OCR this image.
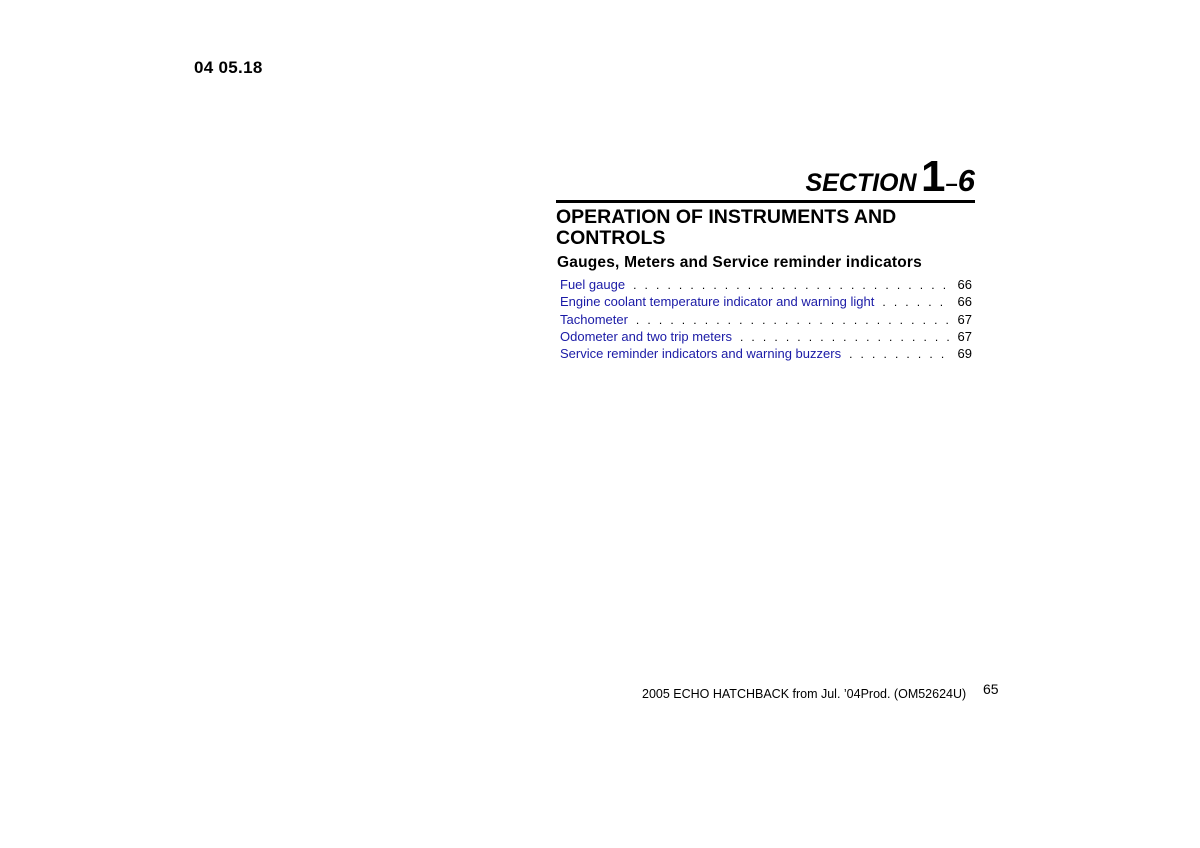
04 05.18
SECTION 1–6
OPERATION OF INSTRUMENTS AND CONTROLS
Gauges, Meters and Service reminder indicators
Fuel gauge . . .	66
Engine coolant temperature indicator and warning light . . .	66
Tachometer . . .	67
Odometer and two trip meters . . .	67
Service reminder indicators and warning buzzers . . .	69
2005 ECHO HATCHBACK from Jul. ’04Prod. (OM52624U) 65
